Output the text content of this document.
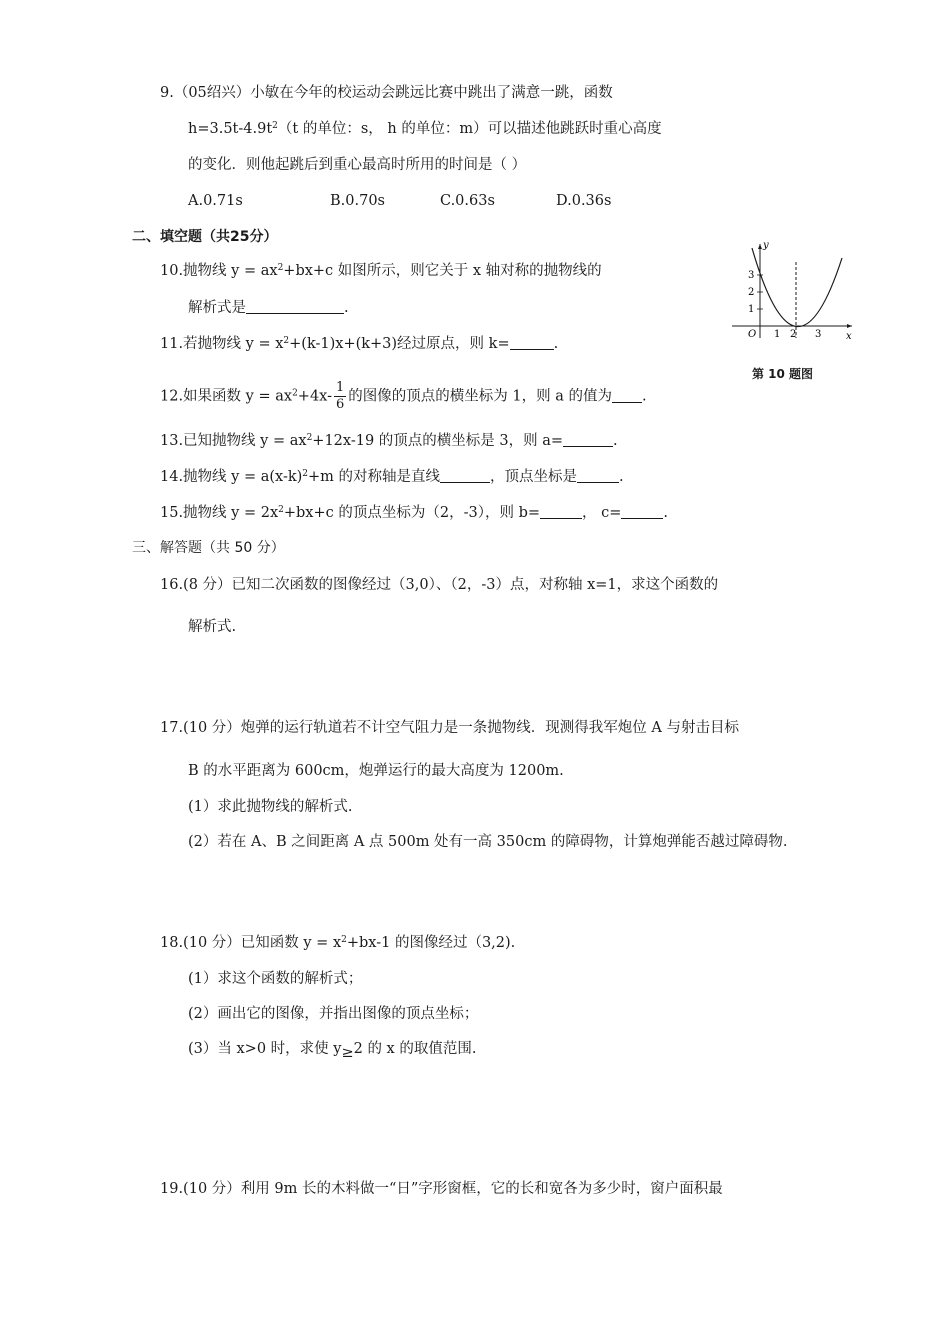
9.（05绍兴）小敏在今年的校运动会跳远比赛中跳出了满意一跳，函数
$h=3.5t-4.9t^2(t$ 的单位：s， h 的单位：m）可以描述他跳跃时重心高度
的变化．则他起跳后到重心最高时所用的时间是（ ）
A.0.71s	B.0.70s	C.0.63s	D.0.36s
二、填空题（共25分）
10.抛物线 $y = ax^2+bx+c$ 如图所示，则它关于 x 轴对称的抛物线的
解析式是	.
x
y
O 1 2 3
3
2
1
第 10 题图
11.若抛物线 $y = x^2+(k-1)x+(k+3)$经过原点，则 k=	.
12.如果函数 $y = ax^2+4x- \frac{1}{6}$ 的图像的顶点的横坐标为 1，则 a 的值为 .
13.已知抛物线 $y = ax^2+12x-19$ 的顶点的横坐标是 3，则 a=	.
14.抛物线 $y = a(x-k)^2+m$ 的对称轴是直线	，顶点坐标是	.
15.抛物线 $y = 2x^2+bx+c$ 的顶点坐标为（2，-3），则 b=	， c=	.
三、解答题（共 50 分）
16.(8 分）已知二次函数的图像经过（3,0）、（2，-3）点，对称轴 x=1，求这个函数的
解析式.
17.(10 分）炮弹的运行轨道若不计空气阻力是一条抛物线．现测得我军炮位 A 与射击目标
B 的水平距离为 600cm，炮弹运行的最大高度为 1200m.
(1）求此抛物线的解析式.
(2）若在 A、B 之间距离 A 点 500m 处有一高 350cm 的障碍物，计算炮弹能否越过障碍物.
18.(10 分）已知函数 $y = x^2+bx-1$ 的图像经过（3,2).
(1）求这个函数的解析式；
(2）画出它的图像，并指出图像的顶点坐标；
(3）当 x>0 时，求使 y≥2 的 x 的取值范围.
19.(10 分）利用 9m 长的木料做一“日”字形窗框，它的长和宽各为多少时，窗户面积最
